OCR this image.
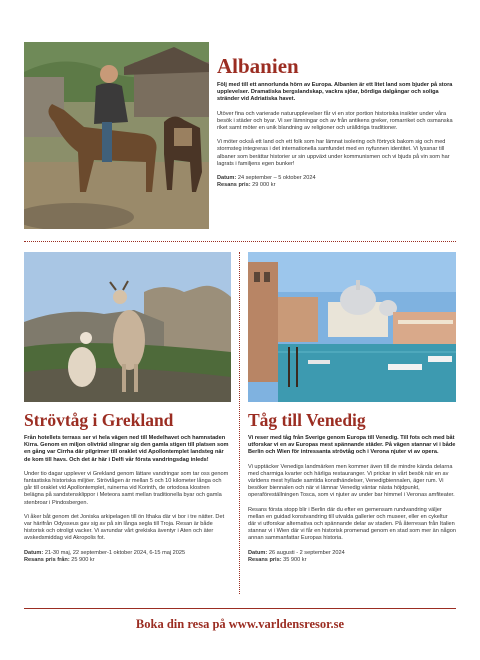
Albanien

Följ med till ett annorlunda hörn av Europa. Albanien är ett litet land som bjuder på stora upplevelser. Dramatiska bergslandskap, vackra sjöar, bördiga dalgångar och soliga stränder vid Adriatiska havet.

Utöver fina och varierade naturupplevelser får vi en stor portion historiska insikter under våra besök i städer och byar. Vi ser lämningar och av från antikens greker, romarriket och osmanska riket samt möter en unik blandning av religioner och urälldriga traditioner.

Vi möter också ett land och ett folk som har lämnat isolering och förtryck bakom sig och med stormsteg integreras i det internationella samfundet med en nyfunnen identitet. Vi lyssnar till albaner som berättar historier ur sin uppväxt under kommunismen och vi bjuds på vin som har lagrats i familjens egen bunker!

Datum: 24 september – 5 oktober 2024

Resans pris: 29 000 kr

Strövtåg i Grekland

Från hotellets terrass ser vi hela vägen ned till Medelhavet och hamnstaden Kirra. Genom en miljon olivträd slingrar sig den gamla stigen till platsen som en gång var Cirrha där pilgrimer till oraklet vid Apollontemplet landsteg när de kom till havs. Och det är här i Delfi vår första vandringsdag inleds!

Under tio dagar upplever vi Grekland genom lättare vandringar som tar oss genom fantastiska historiska miljöer. Strövtågen är mellan 5 och 10 kilometer långa och går till oraklet vid Apollontemplet, ruinerna vid Korinth, de ortodoxa klostren belägna på sandstensklippor i Meteora samt mellan traditionella byar och gamla stenbroar i Pindosbergen.

Vi åker båt genom det Joniska arkipelagen till ön Ithaka där vi bor i tre nätter. Det var härifrån Odysseus gav sig av på sin långa segla till Troja. Resan är både historisk och otroligt vacker. Vi avrundar vårt grekiska äventyr i Aten och äter avskedsmiddag vid Akropolis fot.

Datum: 21-30 maj, 22 september-1 oktober 2024, 6-15 maj 2025

Resans pris från: 25 900 kr

Tåg till Venedig

Vi reser med tåg från Sverige genom Europa till Venedig. Till fots och med båt utforskar vi en av Europas mest spännande städer. På vägen stannar vi i både Berlin och Wien för intressanta strövtåg och i Verona njuter vi av opera.

Vi upptäcker Venedigs landmärken men kommer även till de mindre kända delarna med charmiga kvarter och härliga restauranger. Vi prickar in vårt besök när en av världens mest hyllade samtida konsthändelser, Venedigbiennalen, äger rum. Vi besöker biennalen och när vi lämnar Venedig väntar nästa höjdpunkt, operaföreställningen Tosca, som vi njuter av under bar himmel i Veronas amfiteater.

Resans första stopp blir i Berlin där du efter en gemensam rundvandring väljer mellan en guidad konstvandring till utvalda gallerier och museer, eller en cykeltur där vi utforskar alternativa och spännande delar av staden. På återresan från Italien stannar vi i Wien där vi får en historisk promenad genom en stad som mer än någon annan sammanfattar Europas historia.

Datum: 26 augusti - 2 september 2024

Resans pris: 35 900 kr

Boka din resa på www.varldensresor.se
